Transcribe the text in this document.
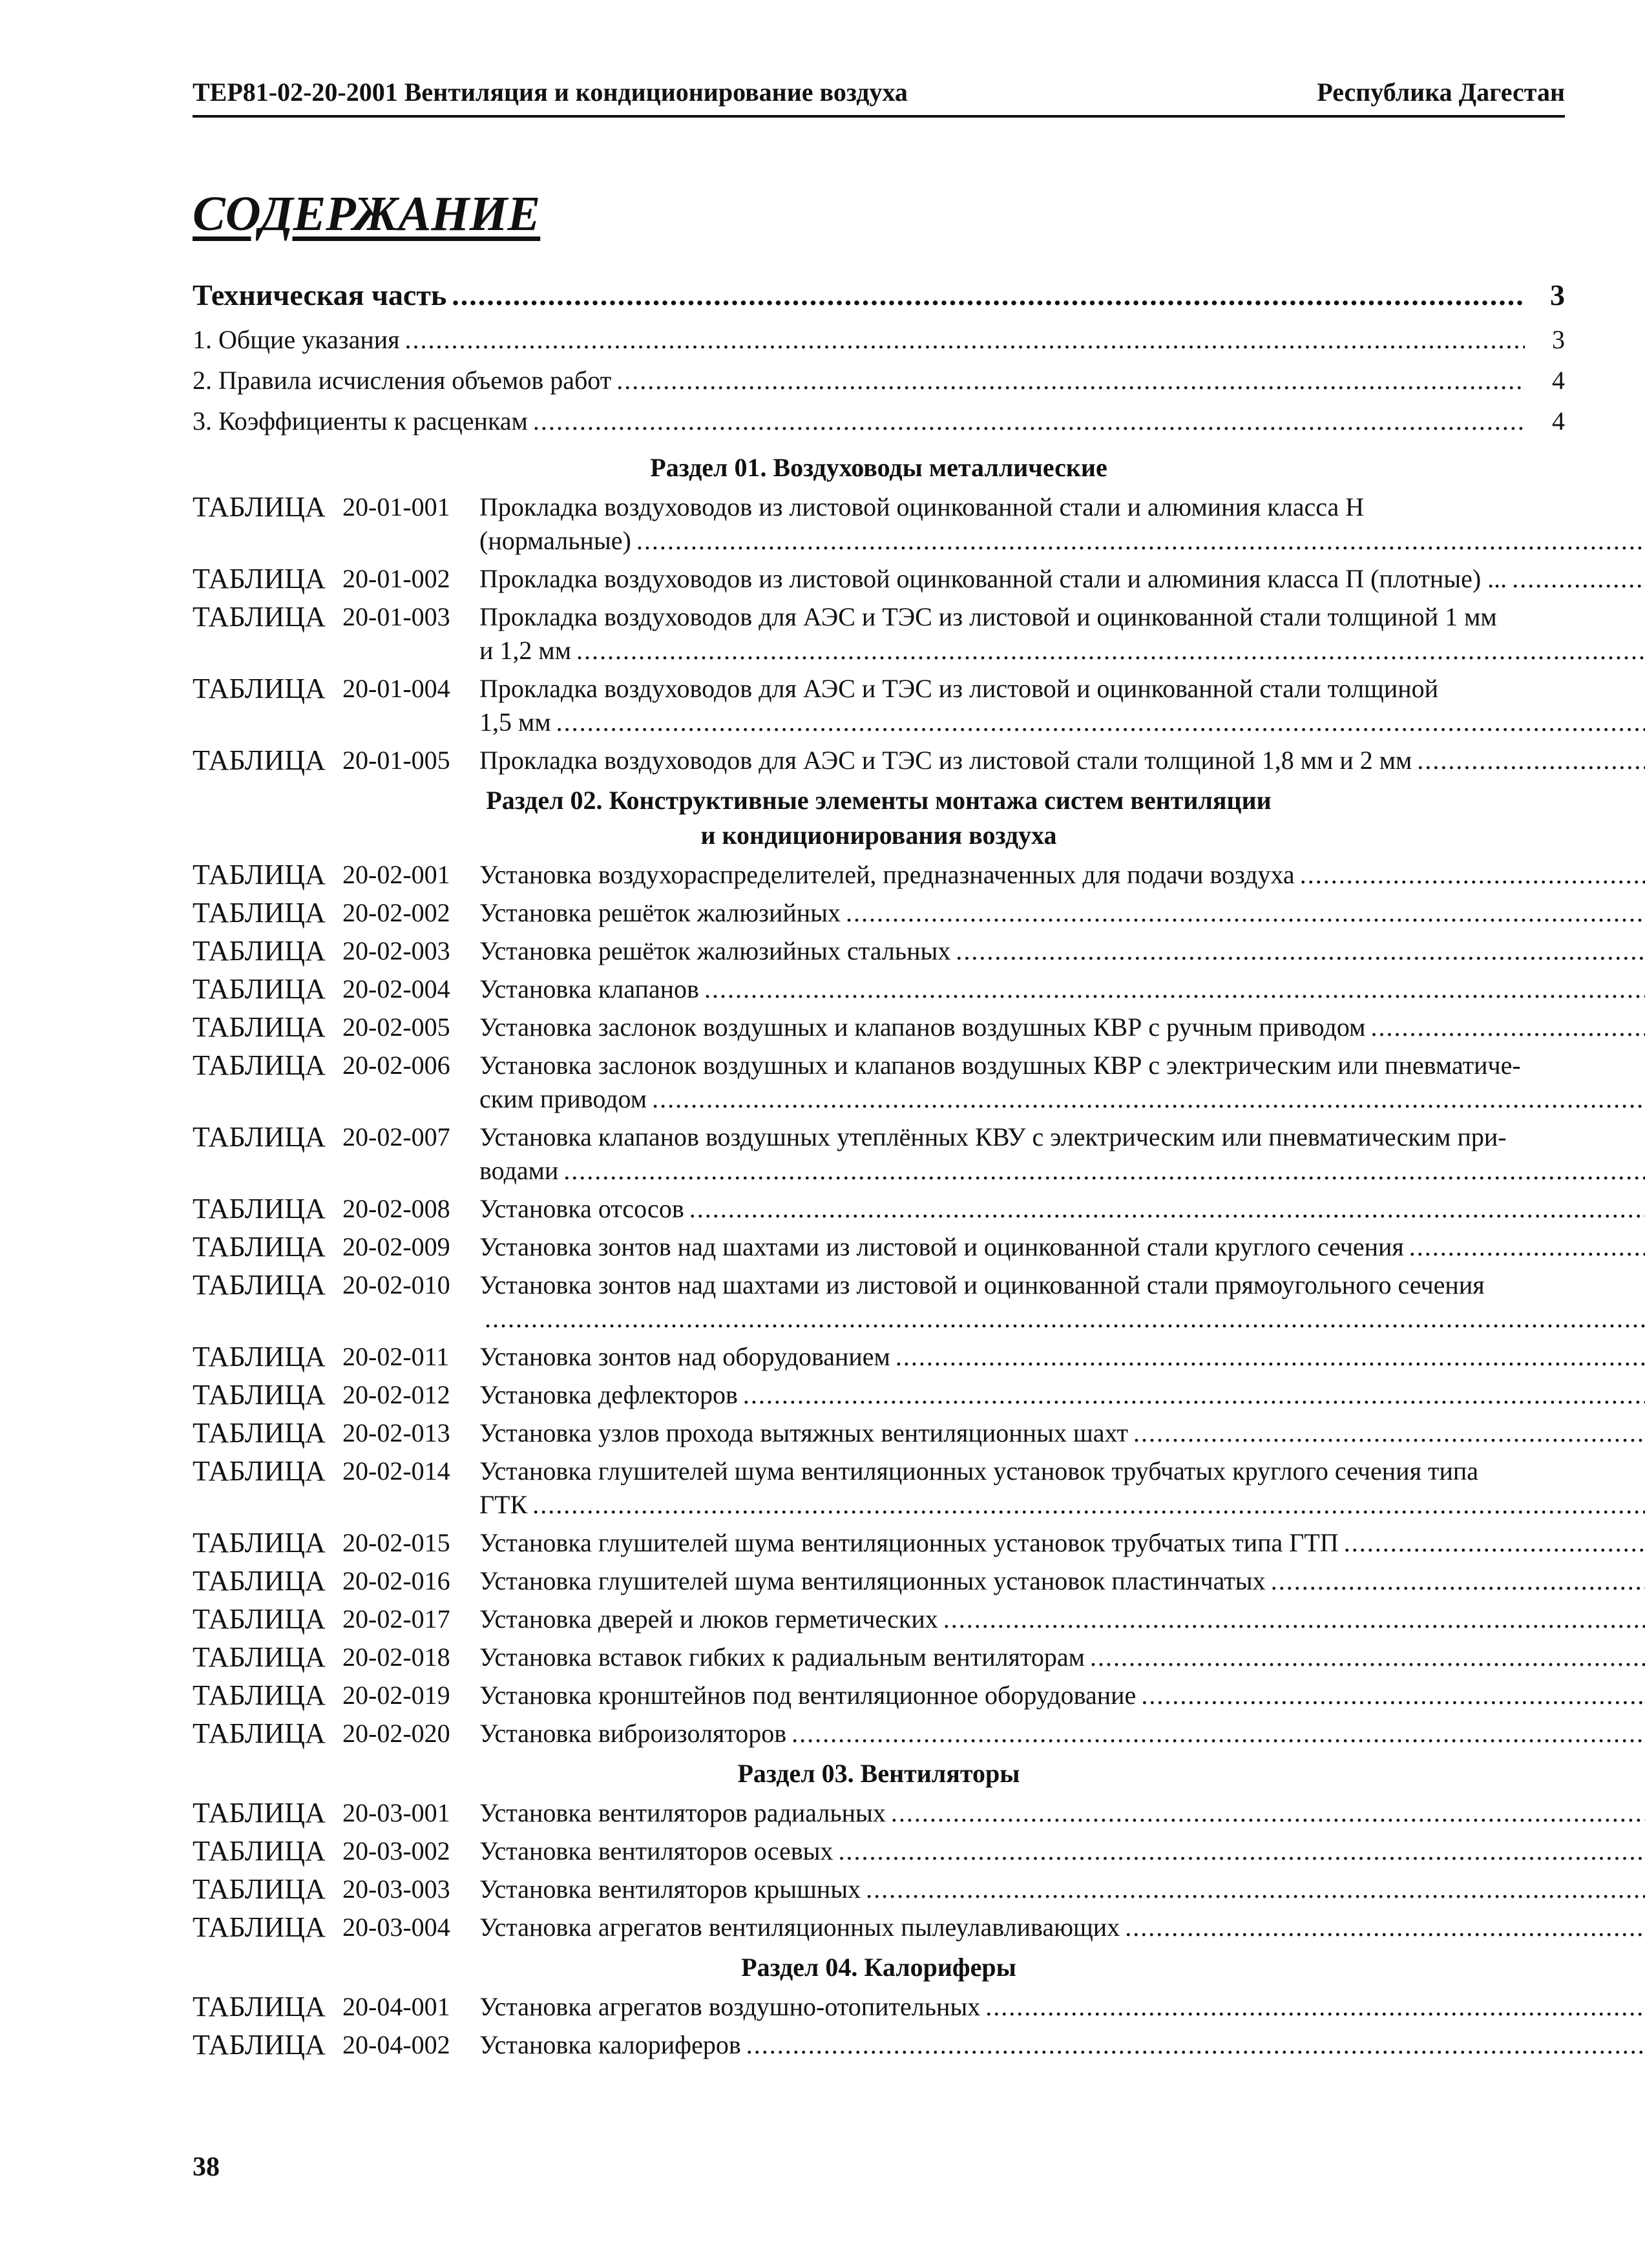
ТЕР81-02-20-2001 Вентиляция и кондиционирование воздуха	Республика Дагестан
СОДЕРЖАНИЕ
Техническая часть .....	3
1. Общие указания .....	3
2. Правила исчисления объемов работ .....	4
3. Коэффициенты к расценкам .....	4
Раздел 01. Воздуховоды металлические
ТАБЛИЦА 20-01-001	Прокладка воздуховодов из листовой оцинкованной стали и алюминия класса Н
(нормальные)
.....
ТАБЛИЦА 20-01-002	Прокладка воздуховодов из листовой оцинкованной стали и алюминия класса П (плотные) ...
.....
ТАБЛИЦА 20-01-003	Прокладка воздуховодов для АЭС и ТЭС из листовой и оцинкованной стали толщиной 1 мм
и 1,2 мм
.....
ТАБЛИЦА 20-01-004	Прокладка воздуховодов для АЭС и ТЭС из листовой и оцинкованной стали толщиной
1,5 мм
.....
ТАБЛИЦА 20-01-005	Прокладка воздуховодов для АЭС и ТЭС из листовой стали толщиной 1,8 мм и 2 мм
.....
Раздел 02. Конструктивные элементы монтажа систем вентиляции
и кондиционирования воздуха
ТАБЛИЦА 20-02-001	Установка воздухораспределителей, предназначенных для подачи воздуха
.....
ТАБЛИЦА 20-02-002	Установка решёток жалюзийных
.....
ТАБЛИЦА 20-02-003	Установка решёток жалюзийных стальных
.....
ТАБЛИЦА 20-02-004	Установка клапанов
.....
ТАБЛИЦА 20-02-005	Установка заслонок воздушных и клапанов воздушных КВР с ручным приводом
.....
ТАБЛИЦА 20-02-006	Установка заслонок воздушных и клапанов воздушных КВР с электрическим или пневматиче-
ским приводом
.....
ТАБЛИЦА 20-02-007	Установка клапанов воздушных утеплённых КВУ с электрическим или пневматическим при-
водами
.....
ТАБЛИЦА 20-02-008	Установка отсосов
.....
ТАБЛИЦА 20-02-009	Установка зонтов над шахтами из листовой и оцинкованной стали круглого сечения
.....
ТАБЛИЦА 20-02-010	Установка зонтов над шахтами из листовой и оцинкованной стали прямоугольного сечения
.....
ТАБЛИЦА 20-02-011	Установка зонтов над оборудованием
.....
ТАБЛИЦА 20-02-012	Установка дефлекторов
.....
ТАБЛИЦА 20-02-013	Установка узлов прохода вытяжных вентиляционных шахт
.....
ТАБЛИЦА 20-02-014	Установка глушителей шума вентиляционных установок трубчатых круглого сечения типа
ГТК
.....
ТАБЛИЦА 20-02-015	Установка глушителей шума вентиляционных установок трубчатых типа ГТП
.....
ТАБЛИЦА 20-02-016	Установка глушителей шума вентиляционных установок пластинчатых
.....
ТАБЛИЦА 20-02-017	Установка дверей и люков герметических
.....
ТАБЛИЦА 20-02-018	Установка вставок гибких к радиальным вентиляторам
.....
ТАБЛИЦА 20-02-019	Установка кронштейнов под вентиляционное оборудование
.....
ТАБЛИЦА 20-02-020	Установка виброизоляторов
.....
Раздел 03. Вентиляторы
ТАБЛИЦА 20-03-001	Установка вентиляторов радиальных
.....
ТАБЛИЦА 20-03-002	Установка вентиляторов осевых
.....
ТАБЛИЦА 20-03-003	Установка вентиляторов крышных
.....
ТАБЛИЦА 20-03-004	Установка агрегатов вентиляционных пылеулавливающих
.....
Раздел 04. Калориферы
ТАБЛИЦА 20-04-001	Установка агрегатов воздушно-отопительных
.....
ТАБЛИЦА 20-04-002	Установка калориферов
.....
38
